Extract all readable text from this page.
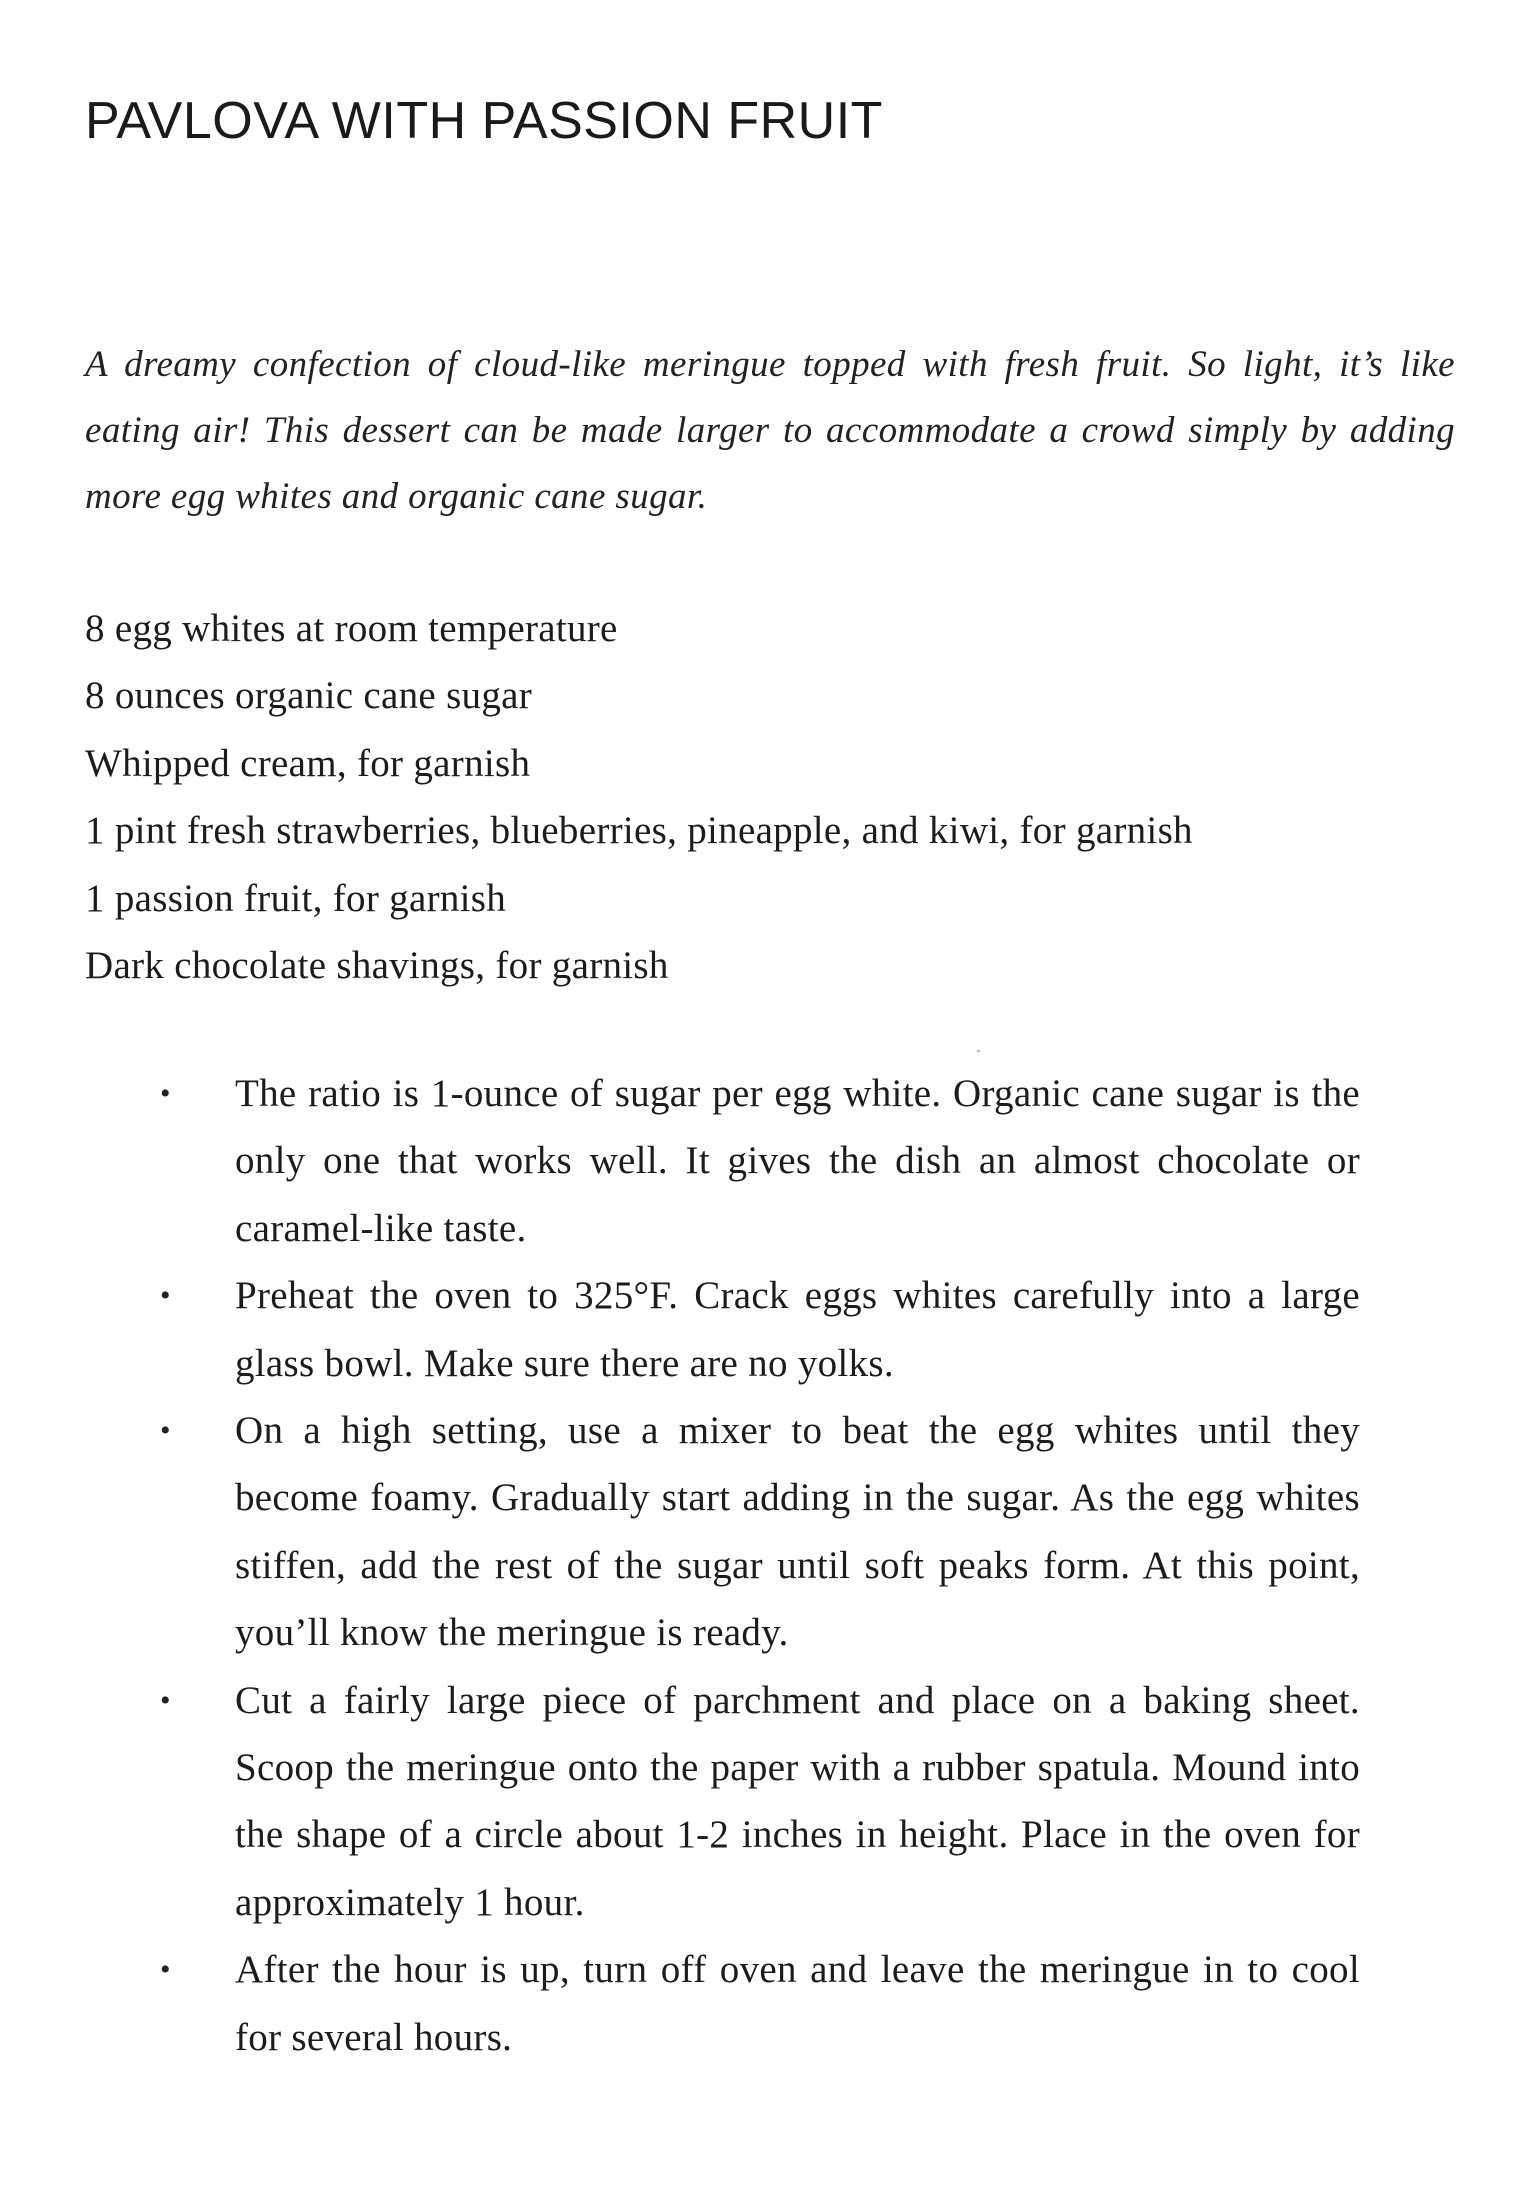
PAVLOVA WITH PASSION FRUIT

A dreamy confection of cloud-like meringue topped with fresh fruit. So light, it’s like eating air! This dessert can be made larger to accommodate a crowd simply by adding more egg whites and organic cane sugar.

8 egg whites at room temperature
8 ounces organic cane sugar
Whipped cream, for garnish
1 pint fresh strawberries, blueberries, pineapple, and kiwi, for garnish
1 passion fruit, for garnish
Dark chocolate shavings, for garnish
•	The ratio is 1-ounce of sugar per egg white. Organic cane sugar is the only one that works well. It gives the dish an almost chocolate or caramel-like taste.
•	Preheat the oven to 325°F. Crack eggs whites carefully into a large glass bowl. Make sure there are no yolks.
•	On a high setting, use a mixer to beat the egg whites until they become foamy. Gradually start adding in the sugar. As the egg whites stiffen, add the rest of the sugar until soft peaks form. At this point, you’ll know the meringue is ready.
•	Cut a fairly large piece of parchment and place on a baking sheet. Scoop the meringue onto the paper with a rubber spatula. Mound into the shape of a circle about 1-2 inches in height. Place in the oven for approximately 1 hour.
•	After the hour is up, turn off oven and leave the meringue in to cool for several hours.
